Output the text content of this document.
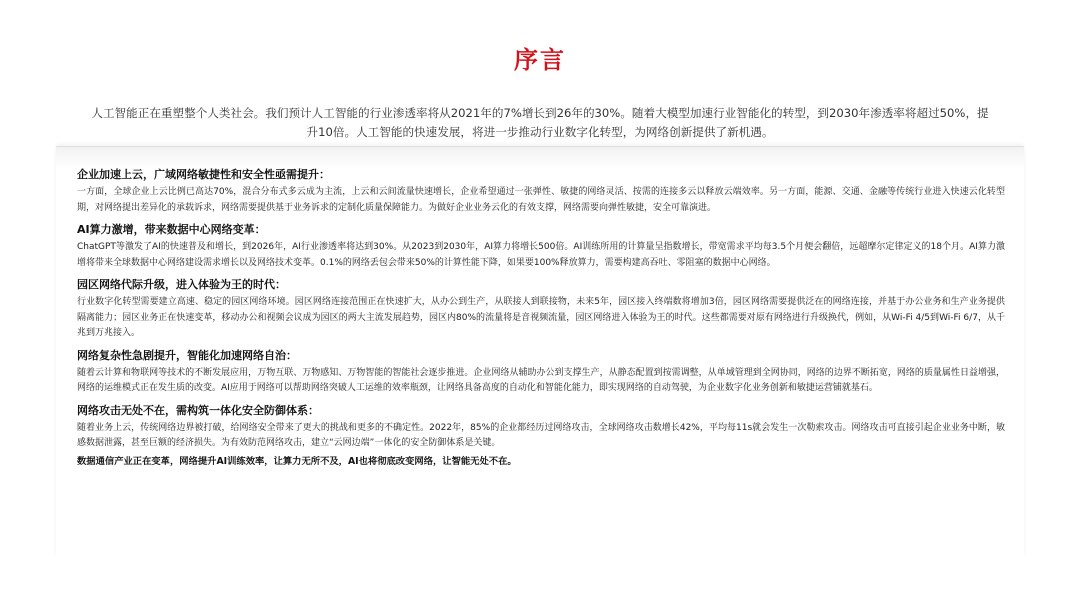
序言
人工智能正在重塑整个人类社会。我们预计人工智能的行业渗透率将从2021年的7%增长到26年的30%。随着大模型加速行业智能化的转型，到2030年渗透率将超过50%，提升10倍。人工智能的快速发展，将进一步推动行业数字化转型，为网络创新提供了新机遇。
企业加速上云，广域网络敏捷性和安全性亟需提升：
一方面，全球企业上云比例已高达70%，混合分布式多云成为主流，上云和云间流量快速增长，企业希望通过一张弹性、敏捷的网络灵活、按需的连接多云以释放云端效率。另一方面，能源、交通、金融等传统行业进入快速云化转型期，对网络提出差异化的承载诉求，网络需要提供基于业务诉求的定制化质量保障能力。为做好企业业务云化的有效支撑，网络需要向弹性敏捷，安全可靠演进。
AI算力激增，带来数据中心网络变革：
ChatGPT等激发了AI的快速普及和增长，到2026年，AI行业渗透率将达到30%。从2023到2030年，AI算力将增长500倍。AI训练所用的计算量呈指数增长，带宽需求平均每3.5个月便会翻倍，远超摩尔定律定义的18个月。AI算力激增将带来全球数据中心网络建设需求增长以及网络技术变革。0.1%的网络丢包会带来50%的计算性能下降，如果要100%释放算力，需要构建高吞吐、零阻塞的数据中心网络。
园区网络代际升级，进入体验为王的时代：
行业数字化转型需要建立高速、稳定的园区网络环境。园区网络连接范围正在快速扩大，从办公到生产，从联接人到联接物，未来5年，园区接入终端数将增加3倍，园区网络需要提供泛在的网络连接，并基于办公业务和生产业务提供隔离能力；园区业务正在快速变革，移动办公和视频会议成为园区的两大主流发展趋势，园区内80%的流量将是音视频流量，园区网络进入体验为王的时代。这些都需要对原有网络进行升级换代，例如，从Wi-Fi 4/5到Wi-Fi 6/7，从千兆到万兆接入。
网络复杂性急剧提升，智能化加速网络自治：
随着云计算和物联网等技术的不断发展应用，万物互联、万物感知、万物智能的智能社会逐步推进。企业网络从辅助办公到支撑生产，从静态配置到按需调整，从单域管理到全网协同，网络的边界不断拓宽，网络的质量属性日益增强，网络的运维模式正在发生质的改变。AI应用于网络可以帮助网络突破人工运维的效率瓶颈，让网络具备高度的自动化和智能化能力，即实现网络的自动驾驶，为企业数字化业务创新和敏捷运营铺就基石。
网络攻击无处不在，需构筑一体化安全防御体系：
随着业务上云，传统网络边界被打破，给网络安全带来了更大的挑战和更多的不确定性。2022年，85%的企业都经历过网络攻击，全球网络攻击数增长42%，平均每11s就会发生一次勒索攻击。网络攻击可直接引起企业业务中断，敏感数据泄露，甚至巨额的经济损失。为有效防范网络攻击，建立“云网边端”一体化的安全防御体系是关键。
数据通信产业正在变革，网络提升AI训练效率，让算力无所不及，AI也将彻底改变网络，让智能无处不在。
